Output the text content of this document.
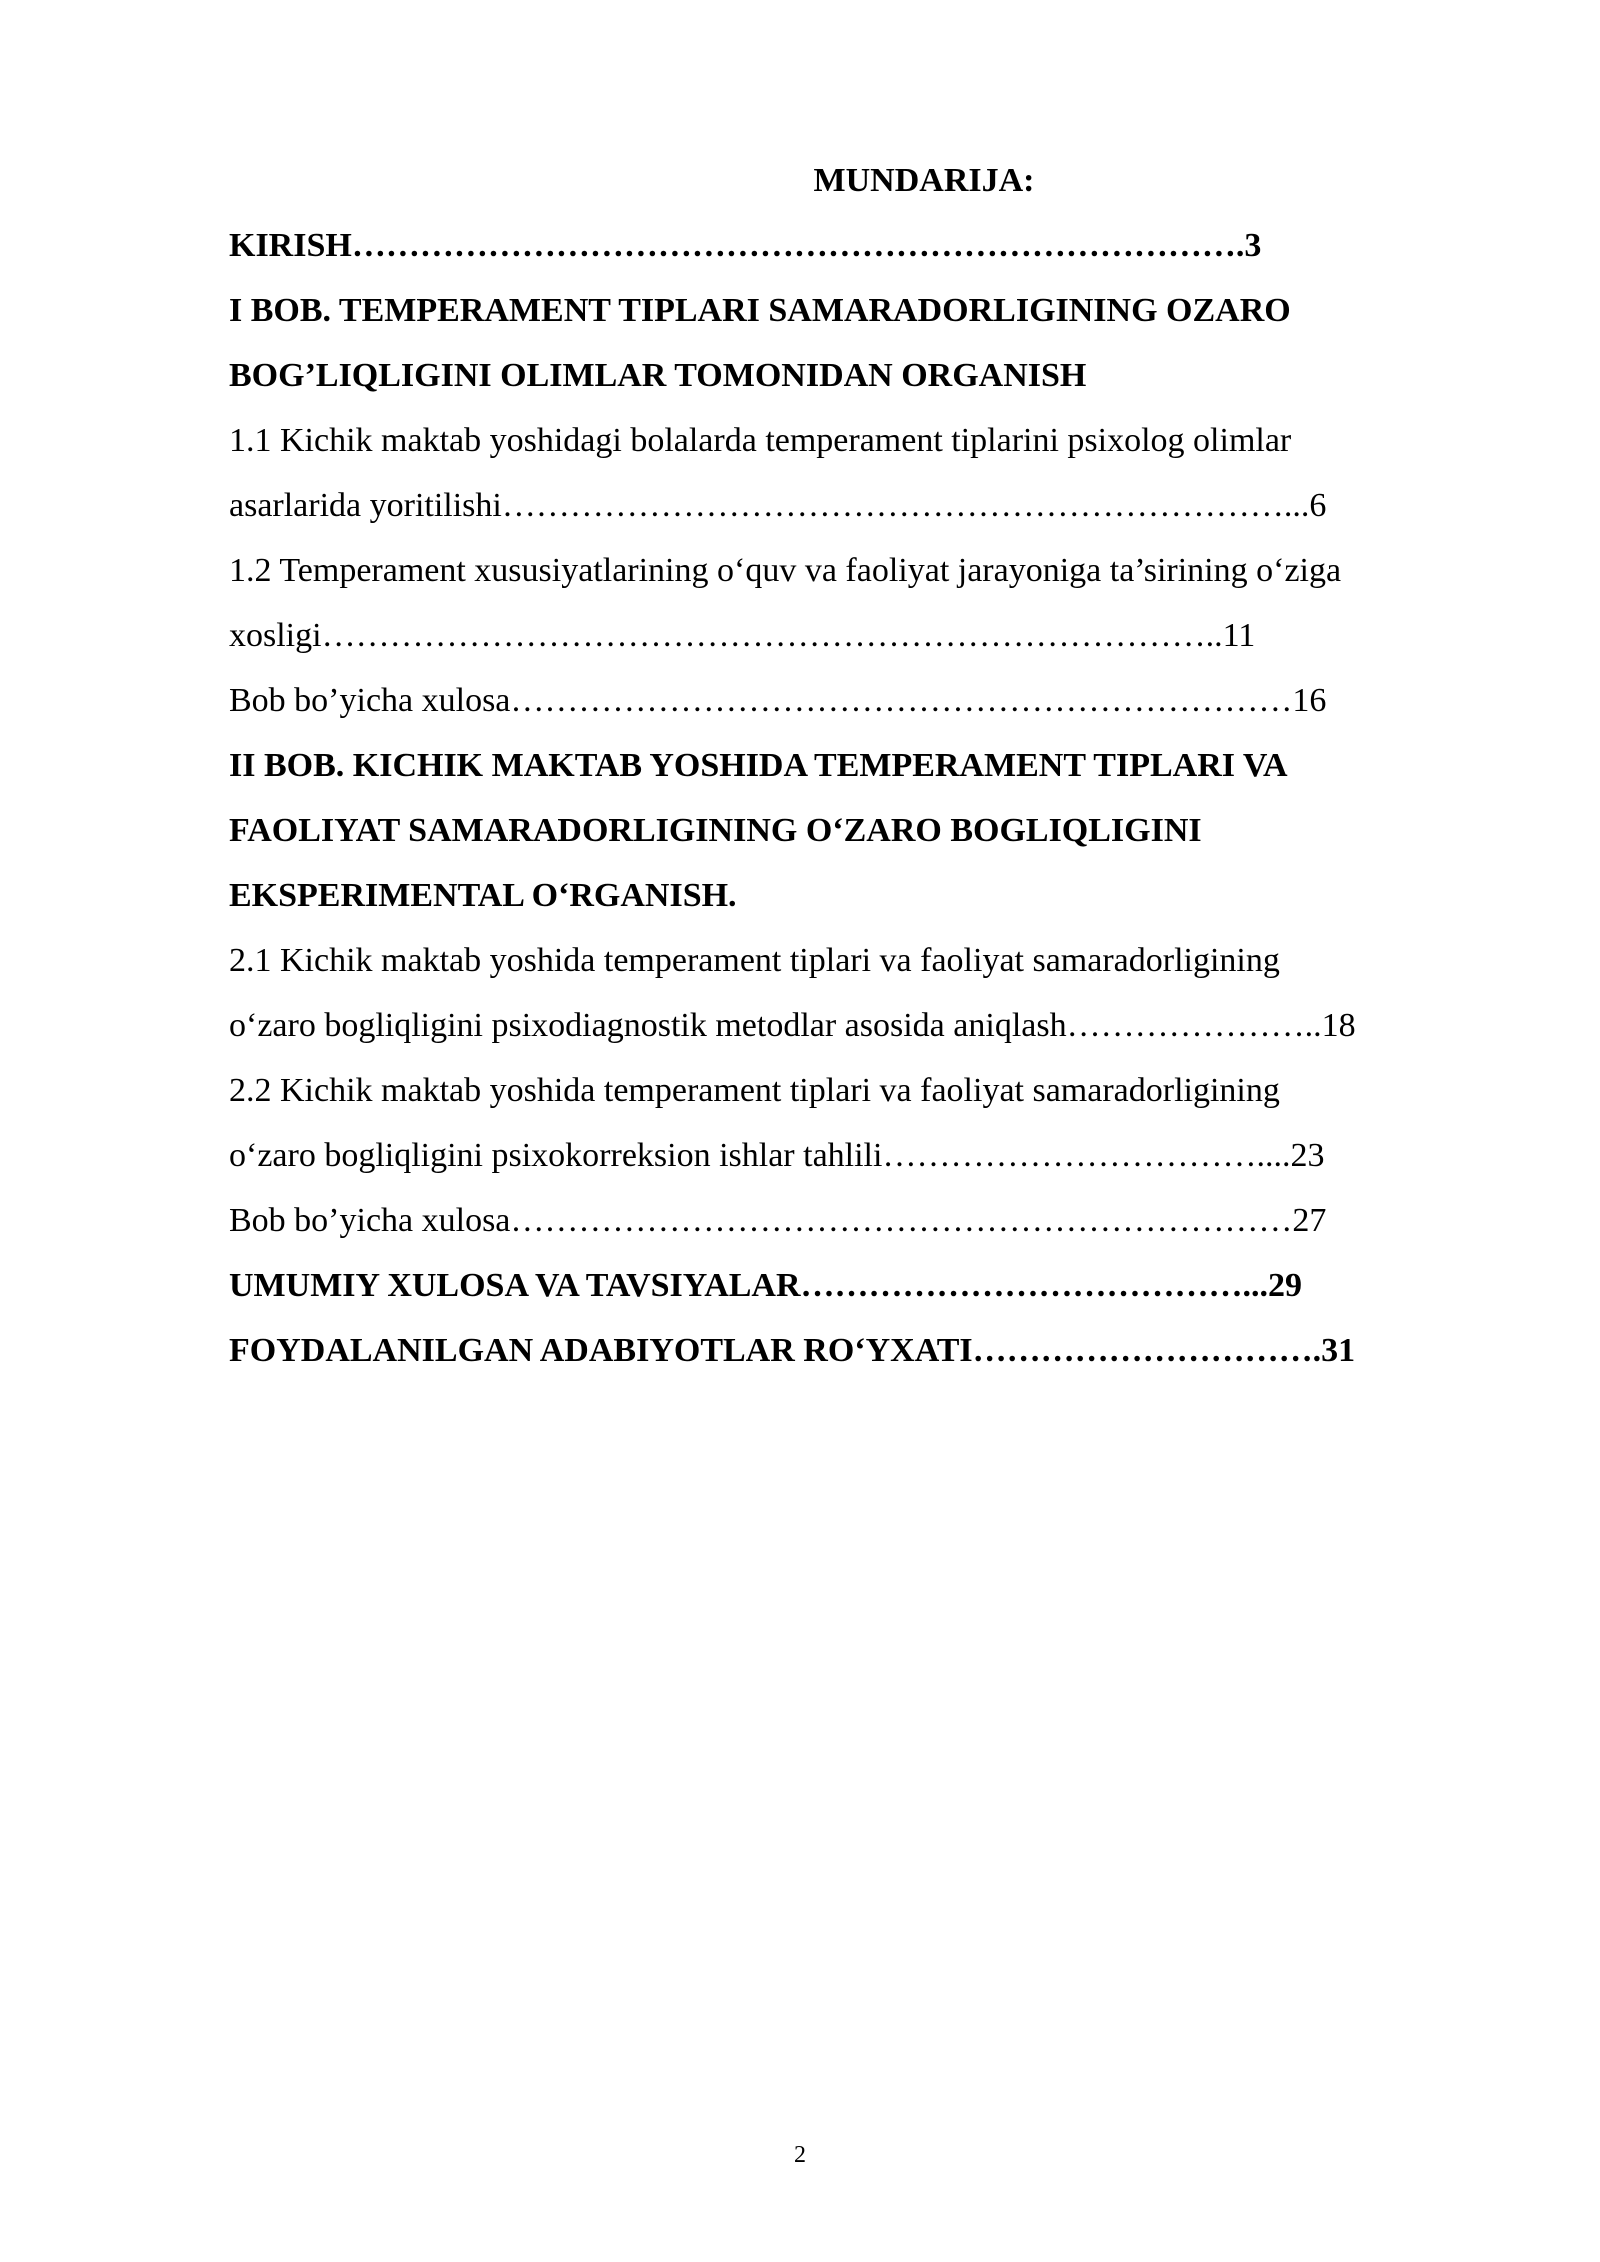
MUNDARIJA:
KIRISH…………………………………………………………………….3
I BOB. TEMPERAMENT TIPLARI SAMARADORLIGINING OZARO
BOG’LIQLIGINI OLIMLAR TOMONIDAN ORGANISH
1.1 Kichik maktab yoshidagi bolalarda temperament tiplarini psixolog olimlar
asarlarida yoritilishi……………………………………………………………...6
1.2 Temperament xususiyatlarining o‘quv va faoliyat jarayoniga ta’sirining o‘ziga
xosligi……………………………………………………………………..11
Bob bo’yicha xulosa……………………………………………………………16
II BOB. KICHIK MAKTAB YOSHIDA TEMPERAMENT TIPLARI VA
FAOLIYAT SAMARADORLIGINING O‘ZARO BOGLIQLIGINI
EKSPERIMENTAL O‘RGANISH.
2.1 Kichik maktab yoshida temperament tiplari va faoliyat samaradorligining
o‘zaro bogliqligini psixodiagnostik metodlar asosida aniqlash…………………..18
2.2 Kichik maktab yoshida temperament tiplari va faoliyat samaradorligining
o‘zaro bogliqligini psixokorreksion ishlar tahlili……………………………....23
Bob bo’yicha xulosa……………………………………………………………27
UMUMIY XULOSA VA TAVSIYALAR…………………………………...29
FOYDALANILGAN ADABIYOTLAR RO‘YXATI………………………….31
2
